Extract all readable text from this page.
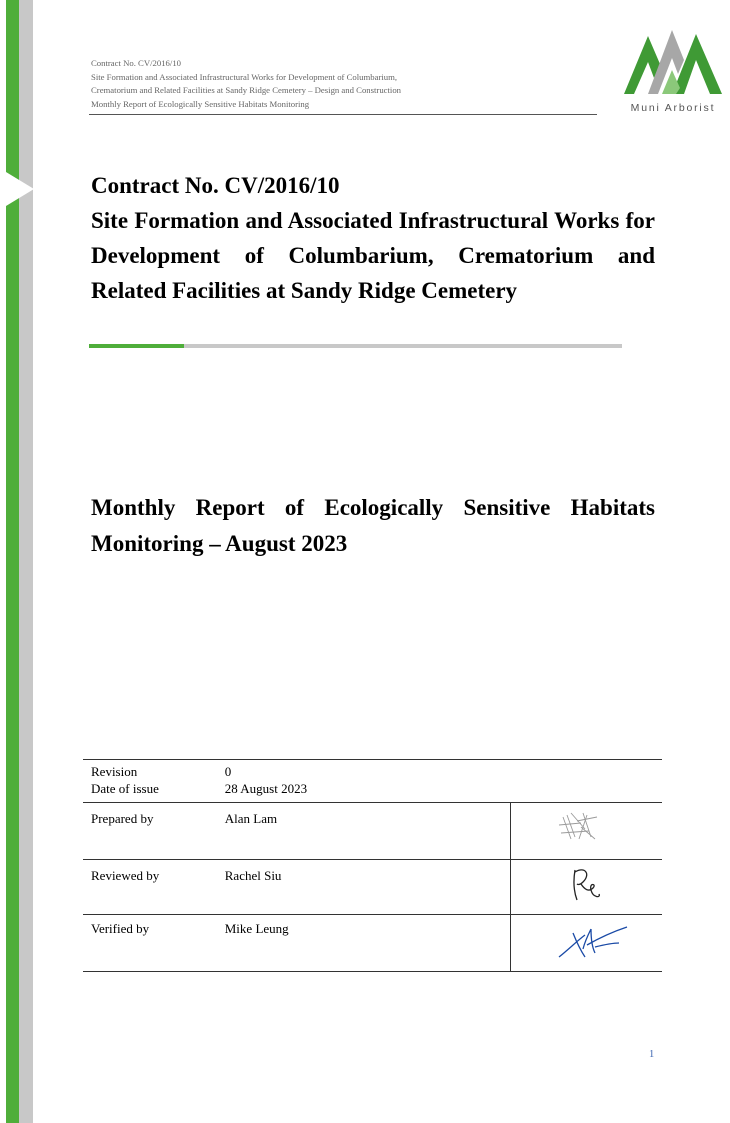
Contract No. CV/2016/10
Site Formation and Associated Infrastructural Works for Development of Columbarium,
Crematorium and Related Facilities at Sandy Ridge Cemetery – Design and Construction
Monthly Report of Ecologically Sensitive Habitats Monitoring	Muni Arborist
Contract No. CV/2016/10
Site Formation and Associated Infrastructural Works for Development of Columbarium, Crematorium and Related Facilities at Sandy Ridge Cemetery
Monthly Report of Ecologically Sensitive Habitats Monitoring – August 2023
Revision	0	
Date of issue	28 August 2023	
Prepared by	Alan Lam	
Reviewed by	Rachel Siu	
Verified by	Mike Leung	
1
